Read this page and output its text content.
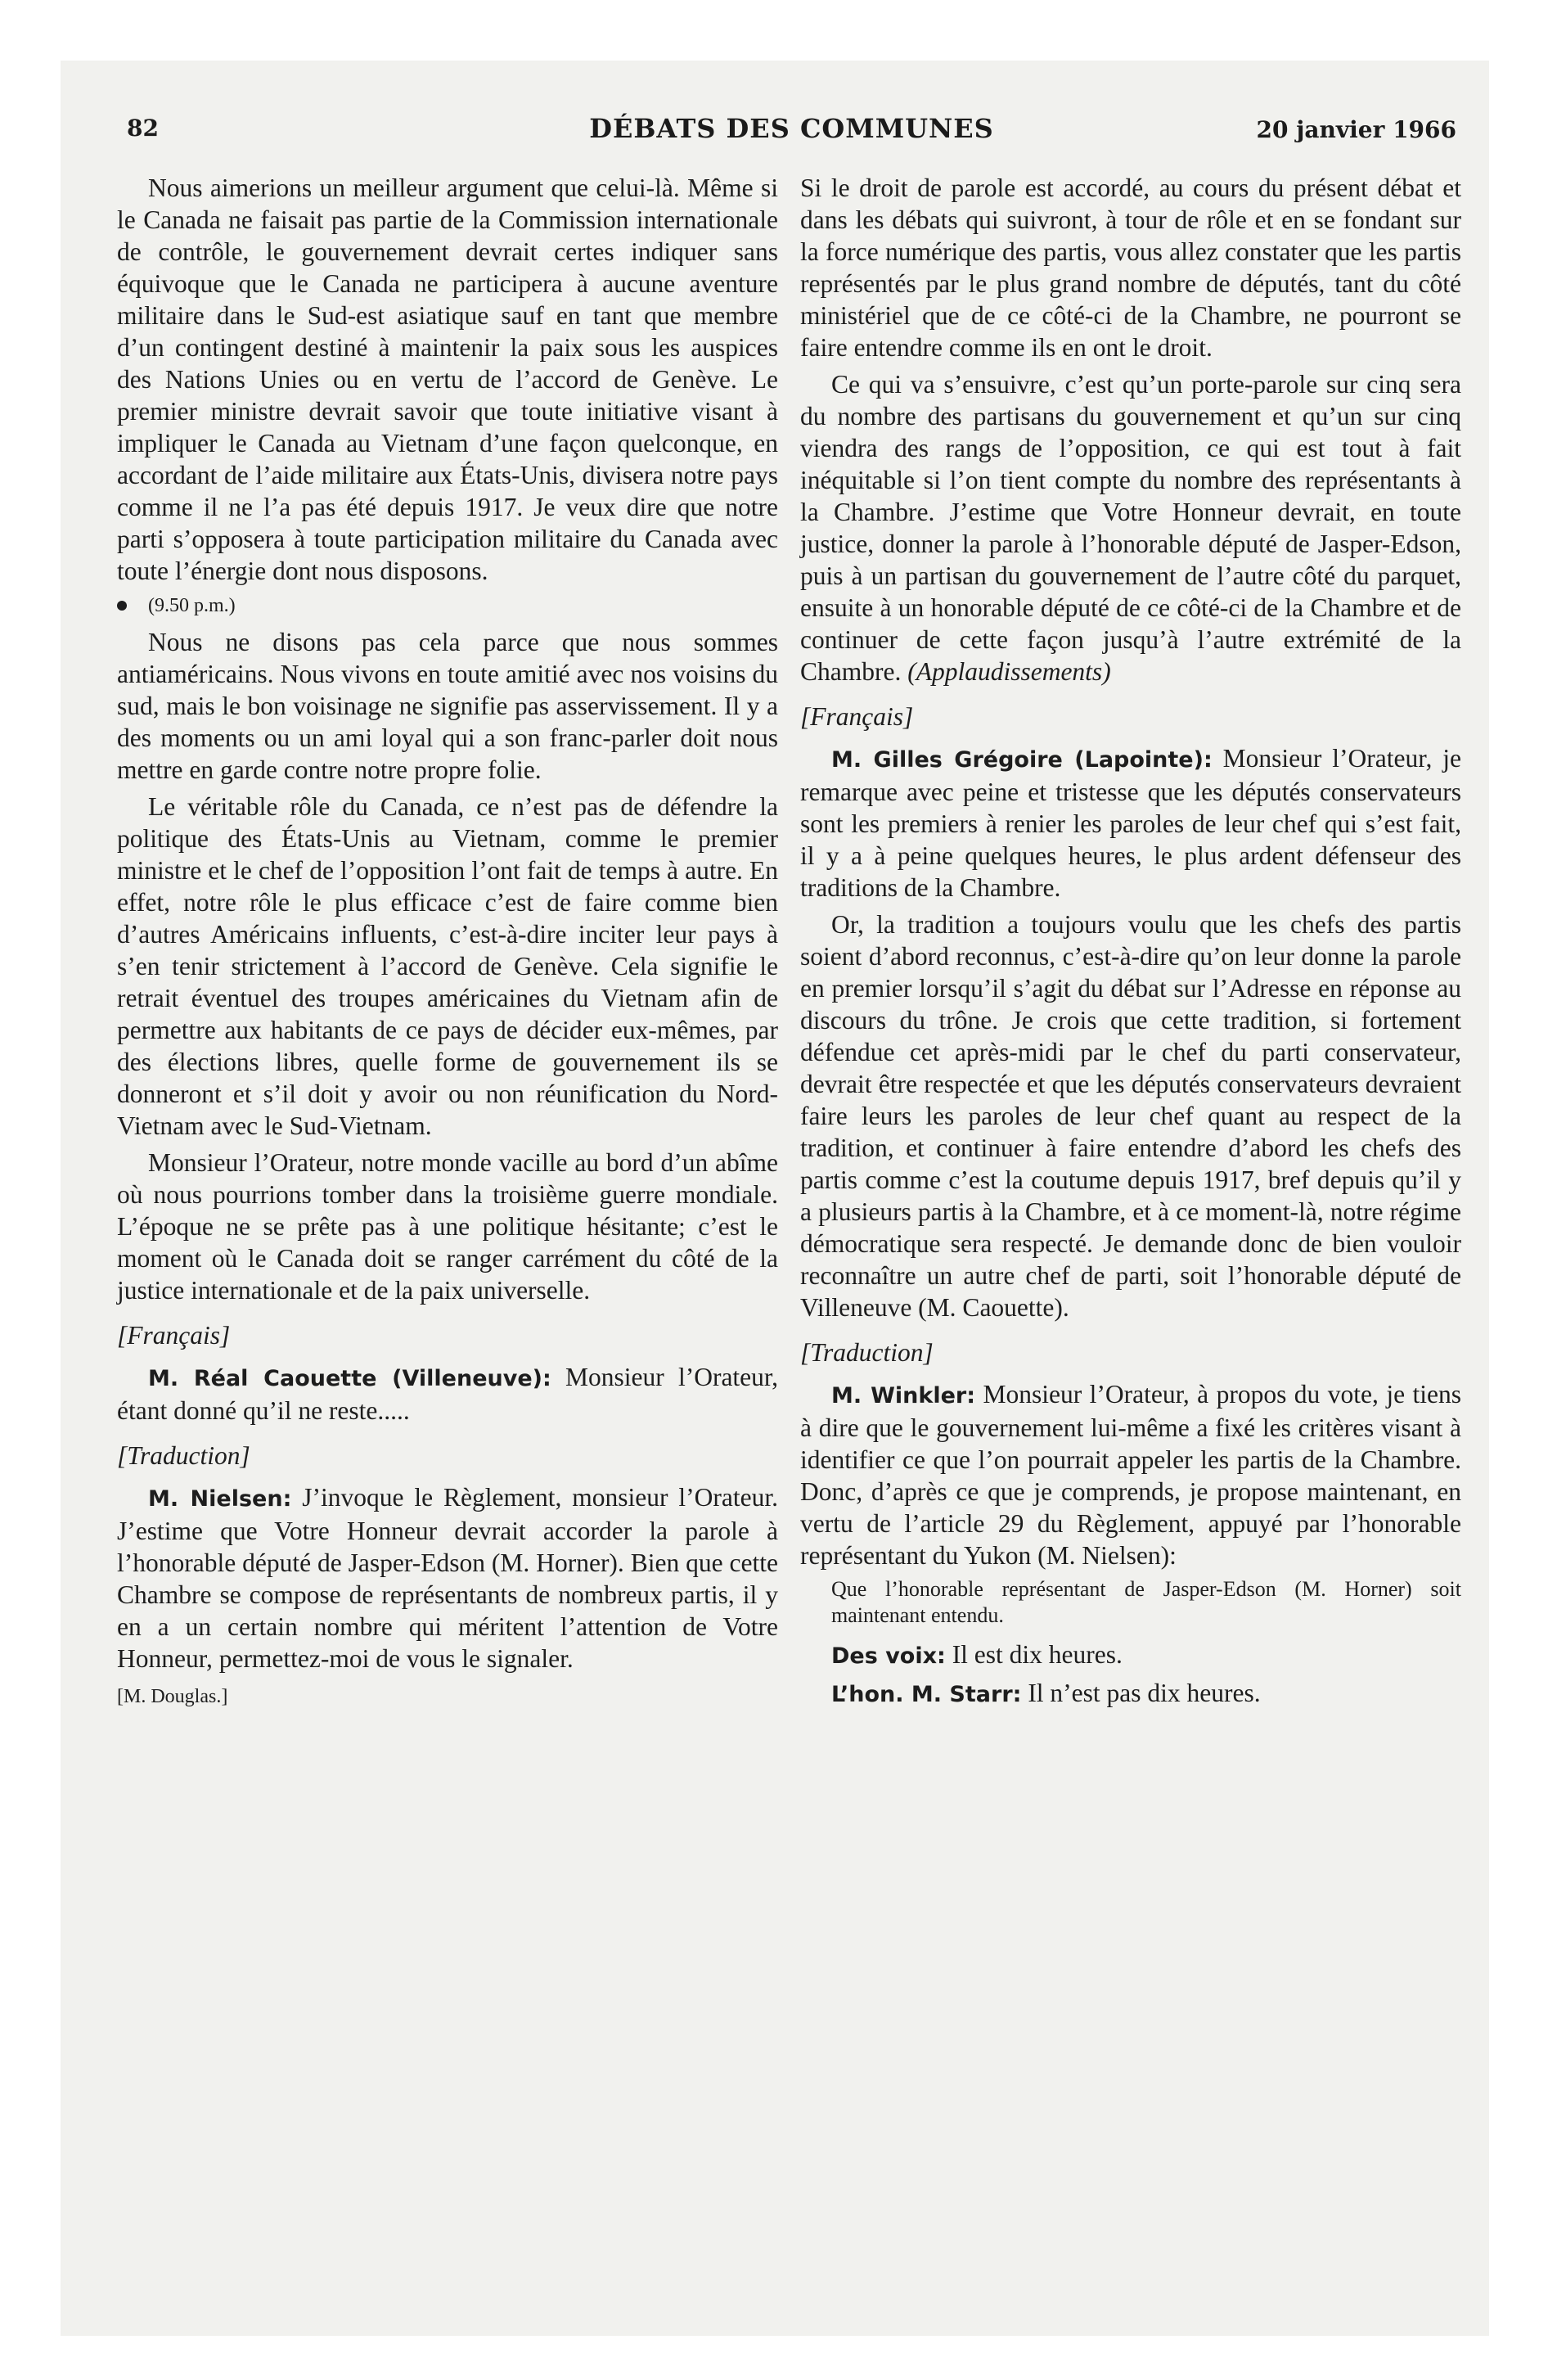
82	DÉBATS DES COMMUNES	20 janvier 1966

Nous aimerions un meilleur argument que celui-là. Même si le Canada ne faisait pas partie de la Commission internationale de contrôle, le gouvernement devrait certes indiquer sans équivoque que le Canada ne participera à aucune aventure militaire dans le Sud-est asiatique sauf en tant que membre d’un contingent destiné à maintenir la paix sous les auspices des Nations Unies ou en vertu de l’accord de Genève. Le premier ministre devrait savoir que toute initiative visant à impliquer le Canada au Vietnam d’une façon quelconque, en accordant de l’aide militaire aux États-Unis, divisera notre pays comme il ne l’a pas été depuis 1917. Je veux dire que notre parti s’opposera à toute participation militaire du Canada avec toute l’énergie dont nous disposons.

(9.50 p.m.)

Nous ne disons pas cela parce que nous sommes antiaméricains. Nous vivons en toute amitié avec nos voisins du sud, mais le bon voisinage ne signifie pas asservissement. Il y a des moments ou un ami loyal qui a son franc-parler doit nous mettre en garde contre notre propre folie.

Le véritable rôle du Canada, ce n’est pas de défendre la politique des États-Unis au Vietnam, comme le premier ministre et le chef de l’opposition l’ont fait de temps à autre. En effet, notre rôle le plus efficace c’est de faire comme bien d’autres Américains influents, c’est-à-dire inciter leur pays à s’en tenir strictement à l’accord de Genève. Cela signifie le retrait éventuel des troupes américaines du Vietnam afin de permettre aux habitants de ce pays de décider eux-mêmes, par des élections libres, quelle forme de gouvernement ils se donneront et s’il doit y avoir ou non réunification du Nord-Vietnam avec le Sud-Vietnam.

Monsieur l’Orateur, notre monde vacille au bord d’un abîme où nous pourrions tomber dans la troisième guerre mondiale. L’époque ne se prête pas à une politique hésitante; c’est le moment où le Canada doit se ranger carrément du côté de la justice internationale et de la paix universelle.

[Français]

M. Réal Caouette (Villeneuve): Monsieur l’Orateur, étant donné qu’il ne reste.....

[Traduction]

M. Nielsen: J’invoque le Règlement, monsieur l’Orateur. J’estime que Votre Honneur devrait accorder la parole à l’honorable député de Jasper-Edson (M. Horner). Bien que cette Chambre se compose de représentants de nombreux partis, il y en a un certain nombre qui méritent l’attention de Votre Honneur, permettez-moi de vous le signaler.

[M. Douglas.]

Si le droit de parole est accordé, au cours du présent débat et dans les débats qui suivront, à tour de rôle et en se fondant sur la force numérique des partis, vous allez constater que les partis représentés par le plus grand nombre de députés, tant du côté ministériel que de ce côté-ci de la Chambre, ne pourront se faire entendre comme ils en ont le droit.

Ce qui va s’ensuivre, c’est qu’un porte-parole sur cinq sera du nombre des partisans du gouvernement et qu’un sur cinq viendra des rangs de l’opposition, ce qui est tout à fait inéquitable si l’on tient compte du nombre des représentants à la Chambre. J’estime que Votre Honneur devrait, en toute justice, donner la parole à l’honorable député de Jasper-Edson, puis à un partisan du gouvernement de l’autre côté du parquet, ensuite à un honorable député de ce côté-ci de la Chambre et de continuer de cette façon jusqu’à l’autre extrémité de la Chambre. (Applaudissements)

[Français]

M. Gilles Grégoire (Lapointe): Monsieur l’Orateur, je remarque avec peine et tristesse que les députés conservateurs sont les premiers à renier les paroles de leur chef qui s’est fait, il y a à peine quelques heures, le plus ardent défenseur des traditions de la Chambre.

Or, la tradition a toujours voulu que les chefs des partis soient d’abord reconnus, c’est-à-dire qu’on leur donne la parole en premier lorsqu’il s’agit du débat sur l’Adresse en réponse au discours du trône. Je crois que cette tradition, si fortement défendue cet après-midi par le chef du parti conservateur, devrait être respectée et que les députés conservateurs devraient faire leurs les paroles de leur chef quant au respect de la tradition, et continuer à faire entendre d’abord les chefs des partis comme c’est la coutume depuis 1917, bref depuis qu’il y a plusieurs partis à la Chambre, et à ce moment-là, notre régime démocratique sera respecté. Je demande donc de bien vouloir reconnaître un autre chef de parti, soit l’honorable député de Villeneuve (M. Caouette).

[Traduction]

M. Winkler: Monsieur l’Orateur, à propos du vote, je tiens à dire que le gouvernement lui-même a fixé les critères visant à identifier ce que l’on pourrait appeler les partis de la Chambre. Donc, d’après ce que je comprends, je propose maintenant, en vertu de l’article 29 du Règlement, appuyé par l’honorable représentant du Yukon (M. Nielsen):

Que l’honorable représentant de Jasper-Edson (M. Horner) soit maintenant entendu.

Des voix: Il est dix heures.

L’hon. M. Starr: Il n’est pas dix heures.
